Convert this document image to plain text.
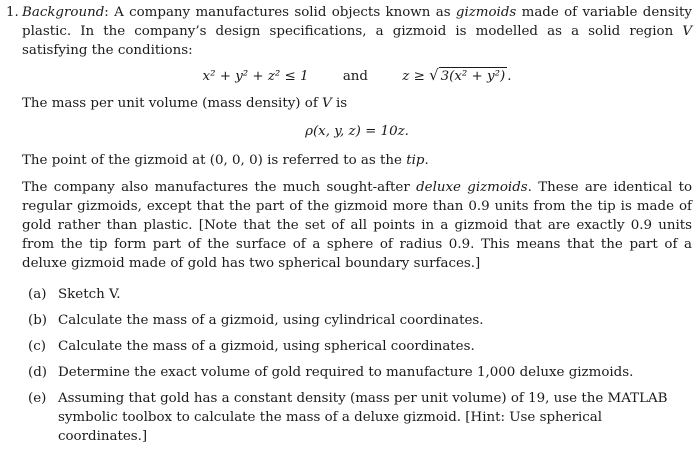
1. Background: A company manufactures solid objects known as gizmoids made of variable density plastic. In the company’s design specifications, a gizmoid is modelled as a solid region V satisfying the conditions:

x² + y² + z² ≤ 1	and	z ≥ √ 3(x² + y²) .

The mass per unit volume (mass density) of V is

ρ(x, y, z) = 10z.

The point of the gizmoid at (0, 0, 0) is referred to as the tip.

The company also manufactures the much sought-after deluxe gizmoids. These are identical to regular gizmoids, except that the part of the gizmoid more than 0.9 units from the tip is made of gold rather than plastic. [Note that the set of all points in a gizmoid that are exactly 0.9 units from the tip form part of the surface of a sphere of radius 0.9. This means that the part of a deluxe gizmoid made of gold has two spherical boundary surfaces.]

(a) Sketch V.
(b) Calculate the mass of a gizmoid, using cylindrical coordinates.
(c) Calculate the mass of a gizmoid, using spherical coordinates.
(d) Determine the exact volume of gold required to manufacture 1,000 deluxe gizmoids.
(e) Assuming that gold has a constant density (mass per unit volume) of 19, use the MATLAB symbolic toolbox to calculate the mass of a deluxe gizmoid. [Hint: Use spherical coordinates.]
